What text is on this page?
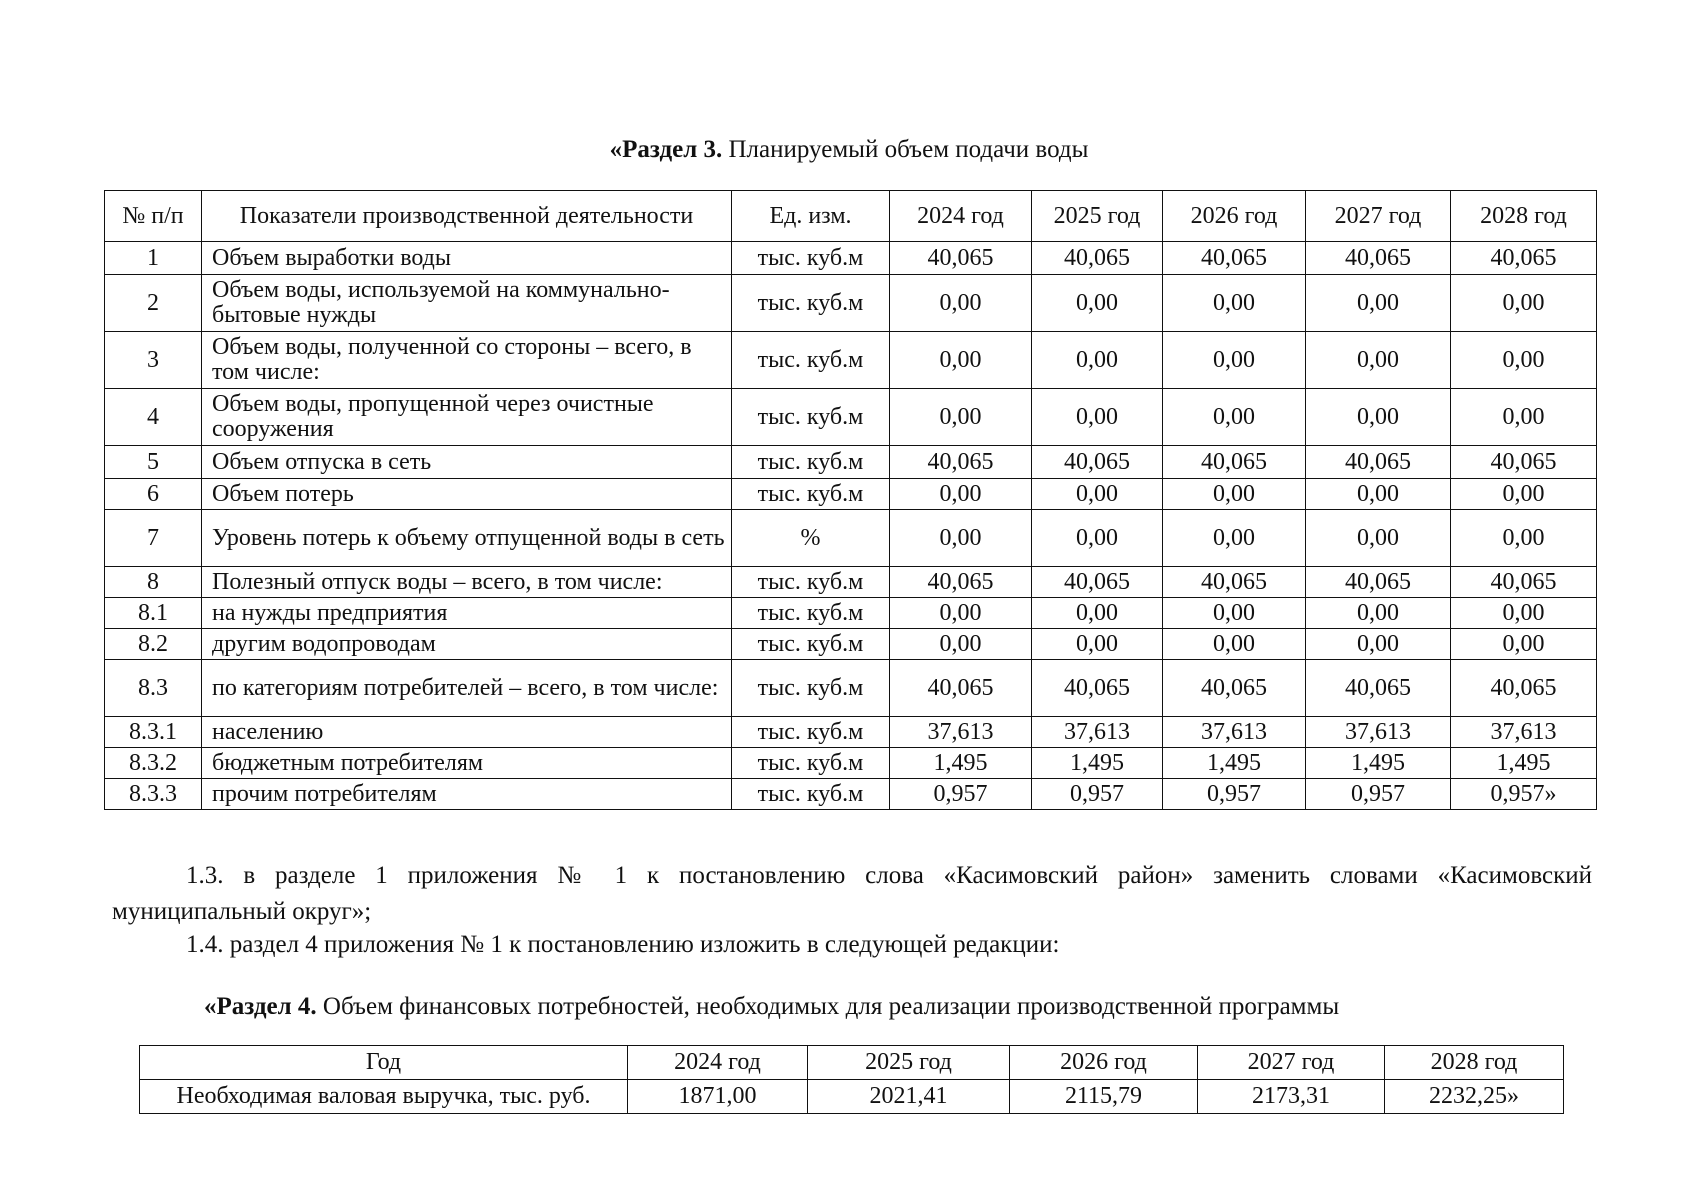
«Раздел 3. Планируемый объем подачи воды
№ п/п	Показатели производственной деятельности	Ед. изм.	2024 год	2025 год	2026 год	2027 год	2028 год
1	Объем выработки воды	тыс. куб.м	40,065	40,065	40,065	40,065	40,065
2	Объем воды, используемой на коммунально-бытовые нужды	тыс. куб.м	0,00	0,00	0,00	0,00	0,00
3	Объем воды, полученной со стороны – всего, в том числе:	тыс. куб.м	0,00	0,00	0,00	0,00	0,00
4	Объем воды, пропущенной через очистные сооружения	тыс. куб.м	0,00	0,00	0,00	0,00	0,00
5	Объем отпуска в сеть	тыс. куб.м	40,065	40,065	40,065	40,065	40,065
6	Объем потерь	тыс. куб.м	0,00	0,00	0,00	0,00	0,00
7	Уровень потерь к объему отпущенной воды в сеть	%	0,00	0,00	0,00	0,00	0,00
8	Полезный отпуск воды – всего, в том числе:	тыс. куб.м	40,065	40,065	40,065	40,065	40,065
8.1	на нужды предприятия	тыс. куб.м	0,00	0,00	0,00	0,00	0,00
8.2	другим водопроводам	тыс. куб.м	0,00	0,00	0,00	0,00	0,00
8.3	по категориям потребителей – всего, в том числе:	тыс. куб.м	40,065	40,065	40,065	40,065	40,065
8.3.1	населению	тыс. куб.м	37,613	37,613	37,613	37,613	37,613
8.3.2	бюджетным потребителям	тыс. куб.м	1,495	1,495	1,495	1,495	1,495
8.3.3	прочим потребителям	тыс. куб.м	0,957	0,957	0,957	0,957	0,957»
1.3. в разделе 1 приложения № 1 к постановлению слова «Касимовский район» заменить словами «Касимовский
муниципальный округ»;
1.4. раздел 4 приложения № 1 к постановлению изложить в следующей редакции:
«Раздел 4. Объем финансовых потребностей, необходимых для реализации производственной программы
Год	2024 год	2025 год	2026 год	2027 год	2028 год
Необходимая валовая выручка, тыс. руб.	1871,00	2021,41	2115,79	2173,31	2232,25»
